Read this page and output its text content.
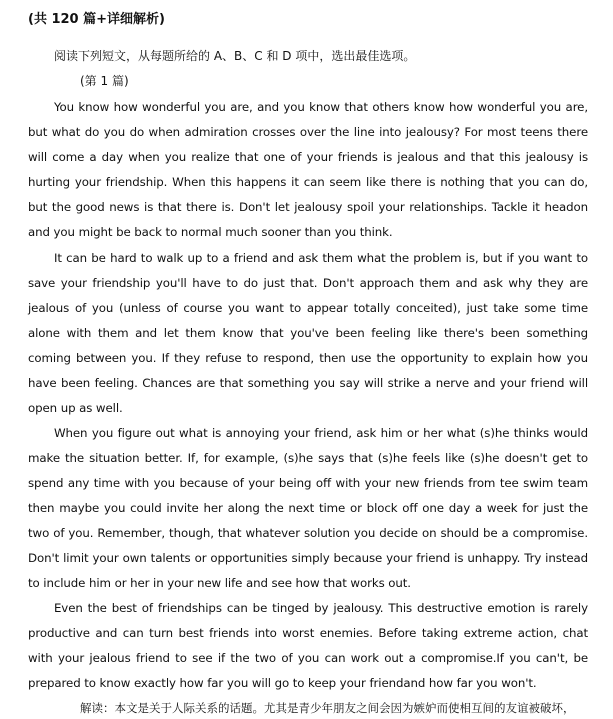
(共 120 篇+详细解析)
阅读下列短文，从每题所给的 A、B、C 和 D 项中，选出最佳选项。
(第 1 篇)

You know how wonderful you are, and you know that others know how wonderful you are, but what do you do when admiration crosses over the line into jealousy? For most teens there will come a day when you realize that one of your friends is jealous and that this jealousy is hurting your friendship. When this happens it can seem like there is nothing that you can do, but the good news is that there is. Don't let jealousy spoil your relationships. Tackle it headon and you might be back to normal much sooner than you think.

It can be hard to walk up to a friend and ask them what the problem is, but if you want to save your friendship you'll have to do just that. Don't approach them and ask why they are jealous of you (unless of course you want to appear totally conceited), just take some time alone with them and let them know that you've been feeling like there's been something coming between you. If they refuse to respond, then use the opportunity to explain how you have been feeling. Chances are that something you say will strike a nerve and your friend will open up as well.

When you figure out what is annoying your friend, ask him or her what (s)he thinks would make the situation better. If, for example, (s)he says that (s)he feels like (s)he doesn't get to spend any time with you because of your being off with your new friends from tee swim team then maybe you could invite her along the next time or block off one day a week for just the two of you. Remember, though, that whatever solution you decide on should be a compromise. Don't limit your own talents or opportunities simply because your friend is unhappy. Try instead to include him or her in your new life and see how that works out.

Even the best of friendships can be tinged by jealousy. This destructive emotion is rarely productive and can turn best friends into worst enemies. Before taking extreme action, chat with your jealous friend to see if the two of you can work out a compromise.If you can't, be prepared to know exactly how far you will go to keep your friendand how far you won't.

解读：本文是关于人际关系的话题。尤其是青少年朋友之间会因为嫉妒而使相互间的友谊被破坏，
